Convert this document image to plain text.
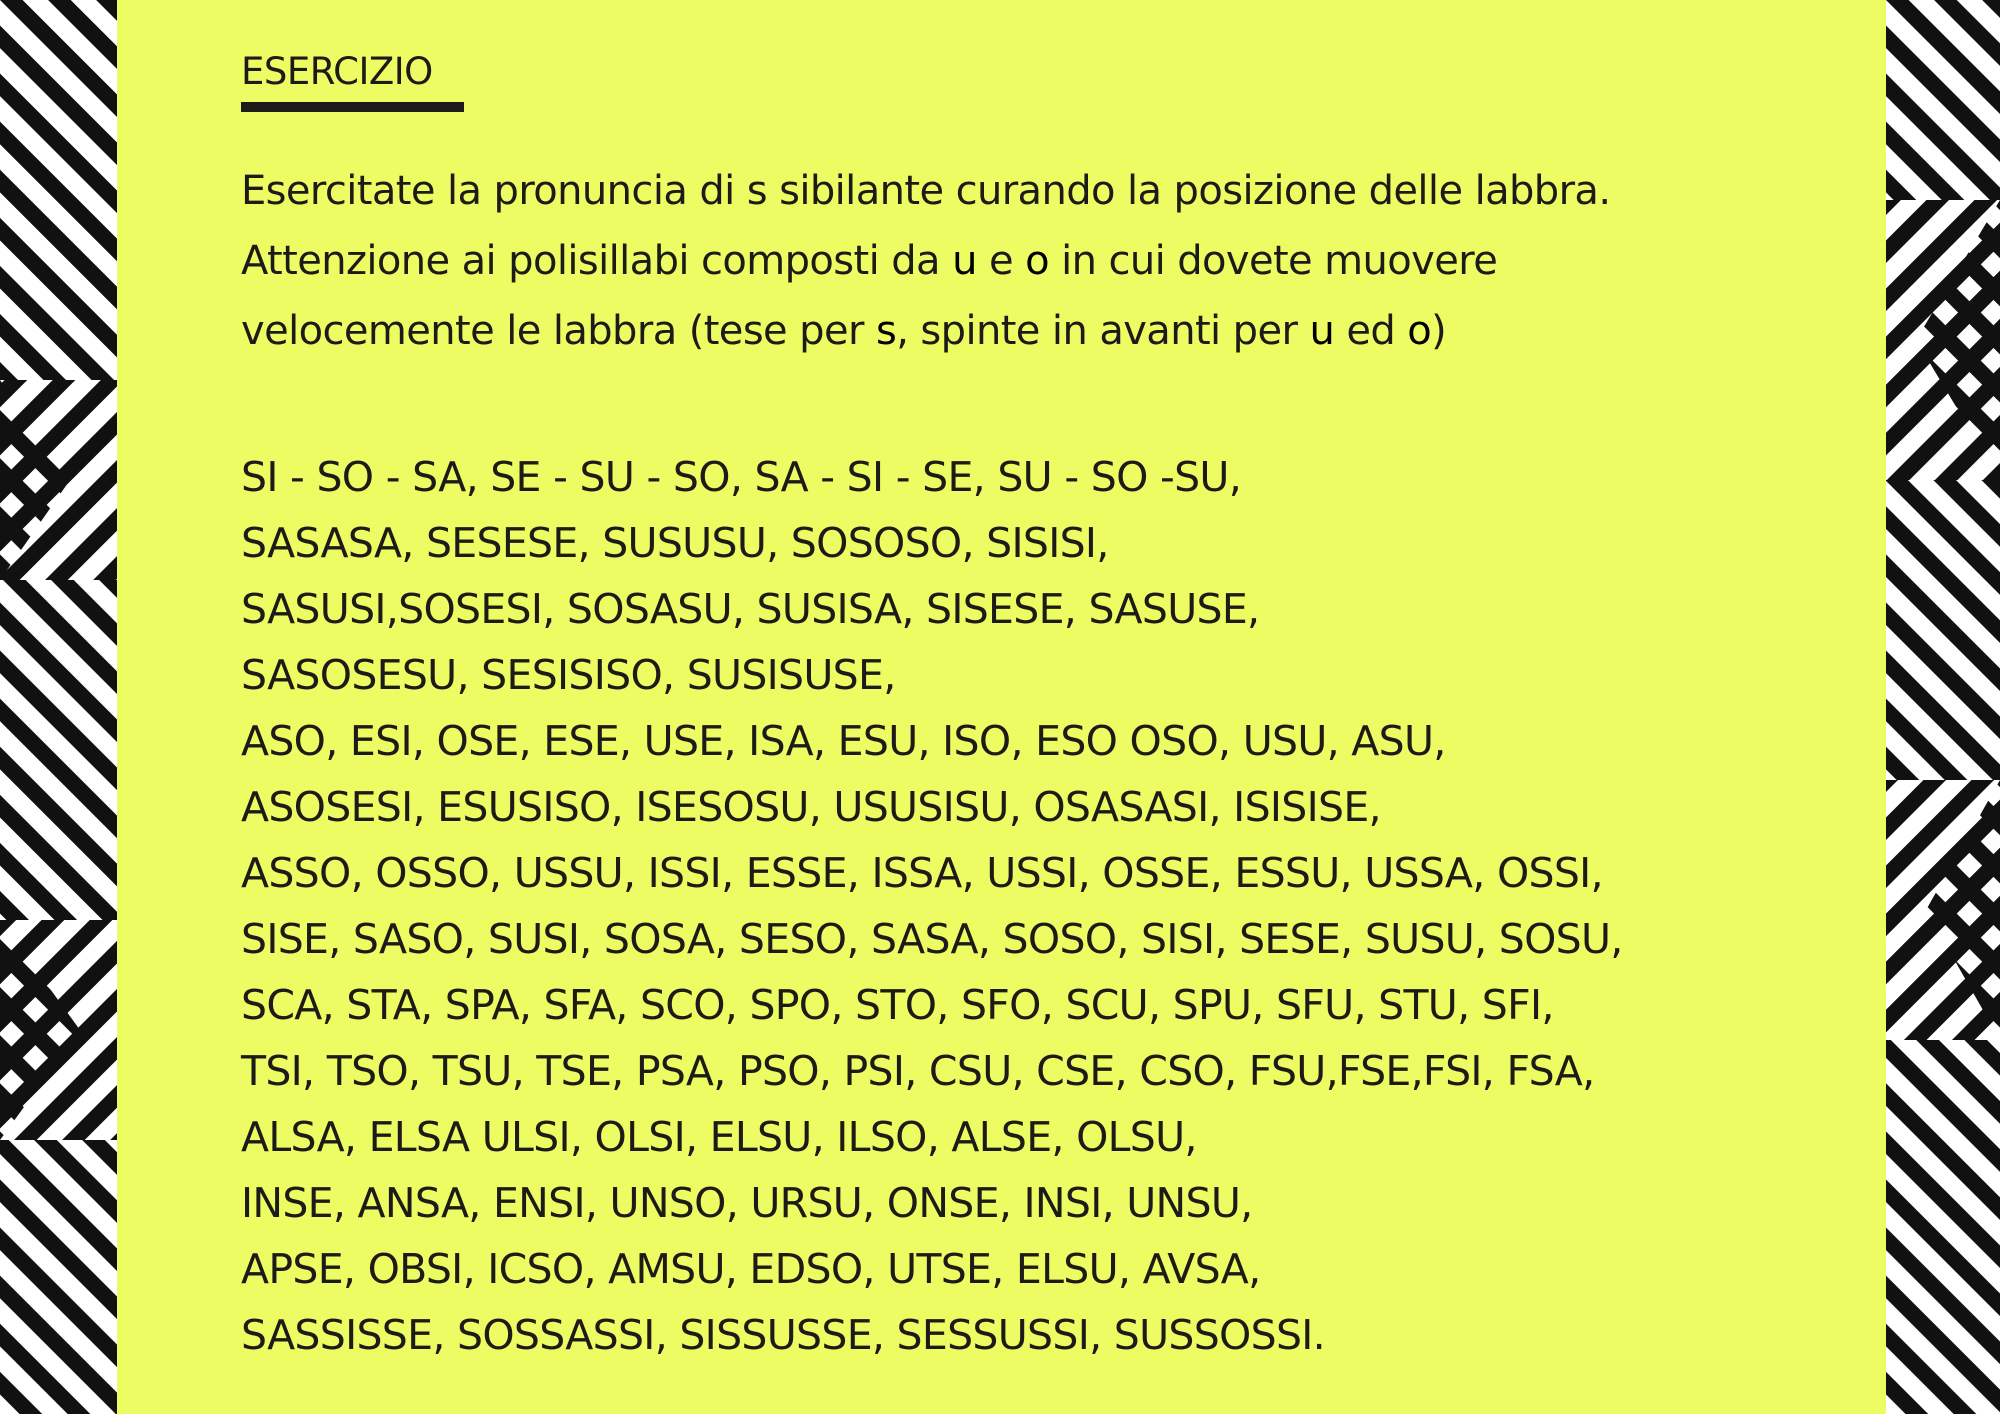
ESERCIZIO
Esercitate la pronuncia di s sibilante curando la posizione delle labbra.
Attenzione ai polisillabi composti da u e o in cui dovete muovere
velocemente le labbra (tese per s, spinte in avanti per u ed o)
SI - SO - SA, SE - SU - SO, SA - SI - SE, SU - SO -SU,
SASASA, SESESE, SUSUSU, SOSOSO, SISISI,
SASUSI,SOSESI, SOSASU, SUSISA, SISESE, SASUSE,
SASOSESU, SESISISO, SUSISUSE,
ASO, ESI, OSE, ESE, USE, ISA, ESU, ISO, ESO OSO, USU, ASU,
ASOSESI, ESUSISO, ISESOSU, USUSISU, OSASASI, ISISISE,
ASSO, OSSO, USSU, ISSI, ESSE, ISSA, USSI, OSSE, ESSU, USSA, OSSI,
SISE, SASO, SUSI, SOSA, SESO, SASA, SOSO, SISI, SESE, SUSU, SOSU,
SCA, STA, SPA, SFA, SCO, SPO, STO, SFO, SCU, SPU, SFU, STU, SFI,
TSI, TSO, TSU, TSE, PSA, PSO, PSI, CSU, CSE, CSO, FSU,FSE,FSI, FSA,
ALSA, ELSA ULSI, OLSI, ELSU, ILSO, ALSE, OLSU,
INSE, ANSA, ENSI, UNSO, URSU, ONSE, INSI, UNSU,
APSE, OBSI, ICSO, AMSU, EDSO, UTSE, ELSU, AVSA,
SASSISSE, SOSSASSI, SISSUSSE, SESSUSSI, SUSSOSSI.
